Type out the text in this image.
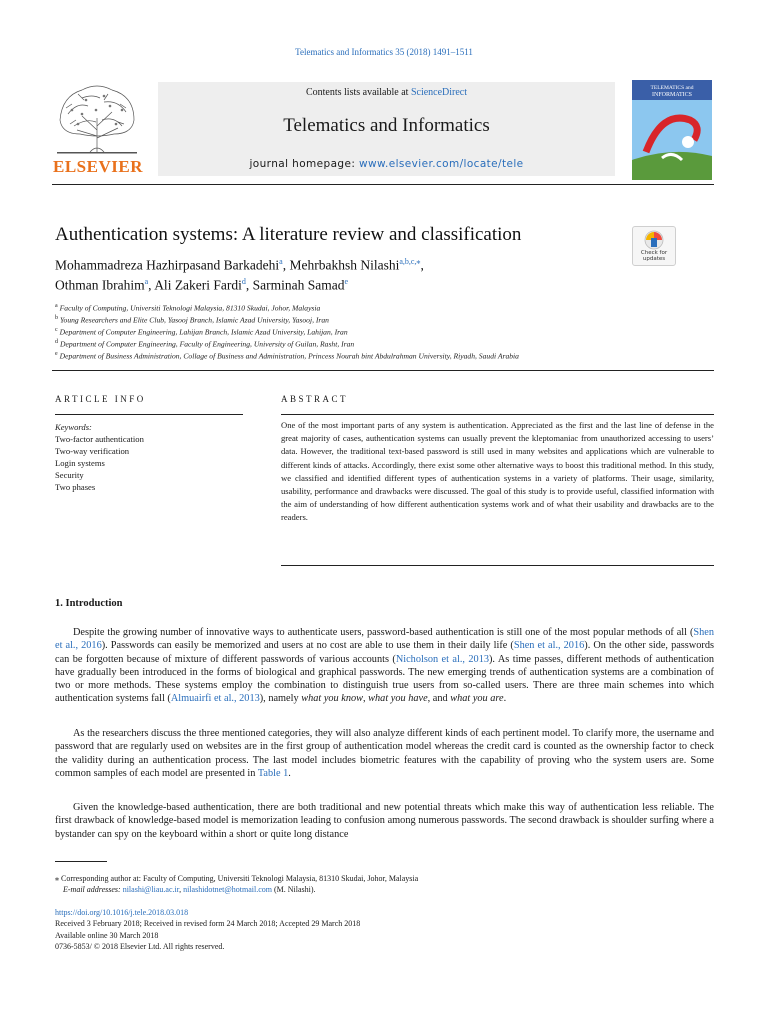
Telematics and Informatics 35 (2018) 1491–1511
ELSEVIER
Contents lists available at ScienceDirect
Telematics and Informatics
journal homepage: www.elsevier.com/locate/tele
TELEMATICS and
INFORMATICS
Authentication systems: A literature review and classification
Check for
updates
Mohammadreza Hazhirpasand Barkadehi$^a$, Mehrbakhsh Nilashi$^{a,b,c,⁎}$,
Othman Ibrahim$^a$, Ali Zakeri Fardi$^d$, Sarminah Samad$^e$
$^a$ Faculty of Computing, Universiti Teknologi Malaysia, 81310 Skudai, Johor, Malaysia
$^b$ Young Researchers and Elite Club, Yasooj Branch, Islamic Azad University, Yasooj, Iran
$^c$ Department of Computer Engineering, Lahijan Branch, Islamic Azad University, Lahijan, Iran
$^d$ Department of Computer Engineering, Faculty of Engineering, University of Guilan, Rasht, Iran
$^e$ Department of Business Administration, Collage of Business and Administration, Princess Nourah bint Abdulrahman University, Riyadh, Saudi Arabia
ARTICLE INFO	ABSTRACT
Keywords:
Two-factor authentication
Two-way verification
Login systems
Security
Two phases
One of the most important parts of any system is authentication. Appreciated as the first and the last line of defense in the great majority of cases, authentication systems can usually prevent the kleptomaniac from unauthorized accessing to users’ data. However, the traditional text-based password is still used in many websites and applications which are vulnerable to different kinds of attacks. Accordingly, there exist some other alternative ways to boost this traditional method. In this study, we classified and identified different types of authentication systems in a variety of platforms. Their usage, similarity, usability, performance and drawbacks were discussed. The goal of this study is to provide useful, classified information with the aim of understanding of how different authentication systems work and of what their usability and drawbacks are to the readers.
1. Introduction
Despite the growing number of innovative ways to authenticate users, password-based authentication is still one of the most popular methods of all (Shen et al., 2016). Passwords can easily be memorized and users at no cost are able to use them in their daily life (Shen et al., 2016). On the other side, passwords can be forgotten because of mixture of different passwords of various accounts (Nicholson et al., 2013). As time passes, different methods of authentication have gradually been introduced in the forms of biological and graphical passwords. The new emerging trends of authentication systems are a combination of two or more methods. These systems employ the combination to distinguish true users from so-called users. There are three main schemes into which authentication systems fall (Almuairfi et al., 2013), namely what you know, what you have, and what you are.
As the researchers discuss the three mentioned categories, they will also analyze different kinds of each pertinent model. To clarify more, the username and password that are regularly used on websites are in the first group of authentication model whereas the credit card is counted as the ownership factor to check the validity during an authentication process. The last model includes biometric features with the capability of proving who the system users are. Some common samples of each model are presented in Table 1.
Given the knowledge-based authentication, there are both traditional and new potential threats which make this way of authentication less reliable. The first drawback of knowledge-based model is memorization leading to confusion among numerous passwords. The second drawback is shoulder surfing where a bystander can spy on the keyboard within a short or quite long distance
⁎ Corresponding author at: Faculty of Computing, Universiti Teknologi Malaysia, 81310 Skudai, Johor, Malaysia
E-mail addresses: nilashi@liau.ac.ir, nilashidotnet@hotmail.com (M. Nilashi).
https://doi.org/10.1016/j.tele.2018.03.018
Received 3 February 2018; Received in revised form 24 March 2018; Accepted 29 March 2018
Available online 30 March 2018
0736-5853/ © 2018 Elsevier Ltd. All rights reserved.
